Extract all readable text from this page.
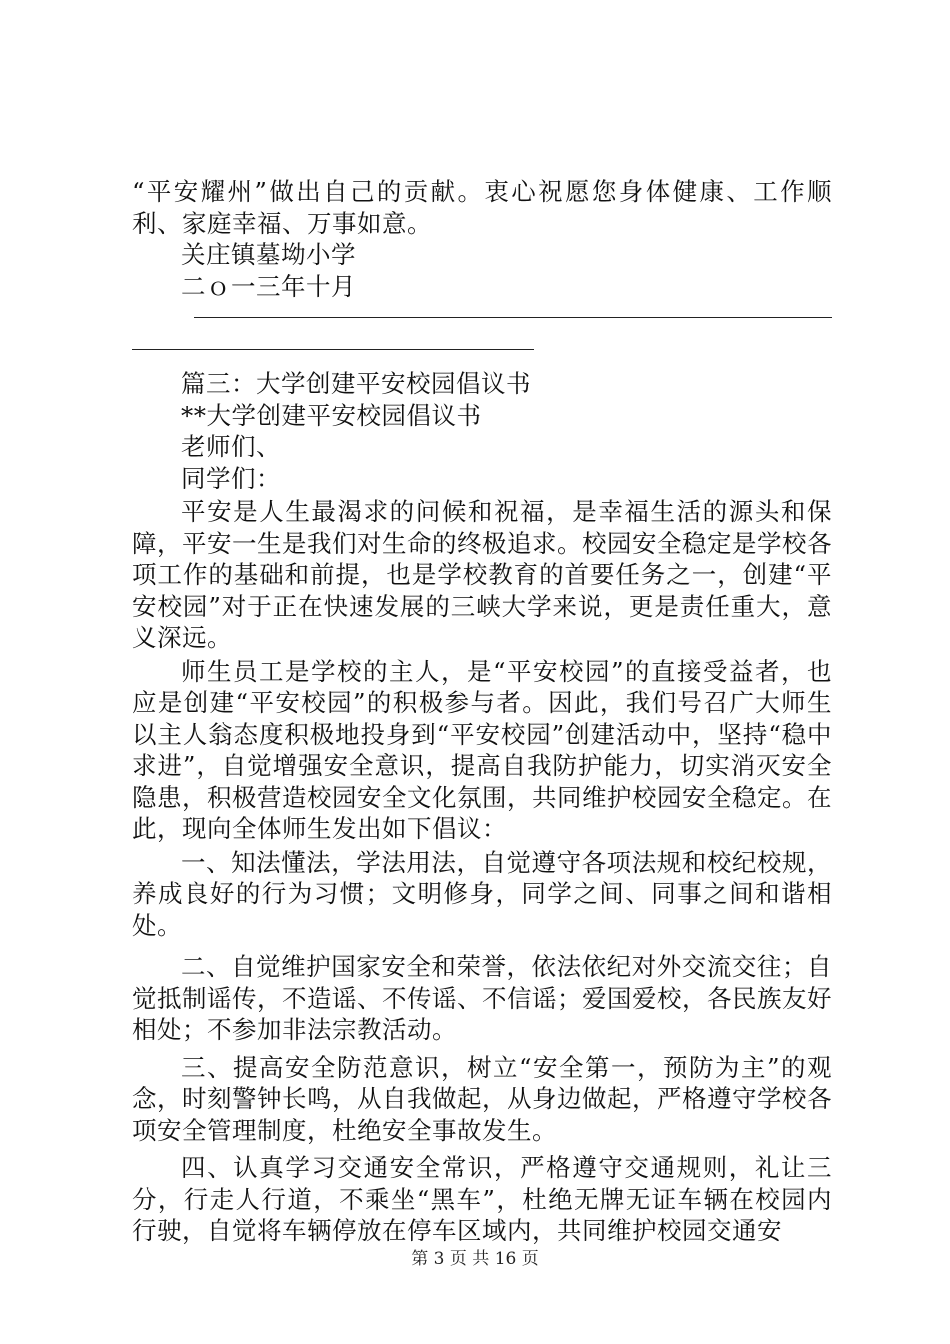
“平安耀州”做出自己的贡献。衷心祝愿您身体健康、工作顺利、家庭幸福、万事如意。

关庄镇墓坳小学

二ｏ一三年十月

篇三：大学创建平安校园倡议书

**大学创建平安校园倡议书

老师们、

同学们：

平安是人生最渴求的问候和祝福，是幸福生活的源头和保障，平安一生是我们对生命的终极追求。校园安全稳定是学校各项工作的基础和前提，也是学校教育的首要任务之一，创建“平安校园”对于正在快速发展的三峡大学来说，更是责任重大，意义深远。

师生员工是学校的主人，是“平安校园”的直接受益者，也应是创建“平安校园”的积极参与者。因此，我们号召广大师生以主人翁态度积极地投身到“平安校园”创建活动中，坚持“稳中求进”，自觉增强安全意识，提高自我防护能力，切实消灭安全隐患，积极营造校园安全文化氛围，共同维护校园安全稳定。在此，现向全体师生发出如下倡议：

一、知法懂法，学法用法，自觉遵守各项法规和校纪校规，养成良好的行为习惯；文明修身，同学之间、同事之间和谐相处。

二、自觉维护国家安全和荣誉，依法依纪对外交流交往；自觉抵制谣传，不造谣、不传谣、不信谣；爱国爱校，各民族友好相处；不参加非法宗教活动。

三、提高安全防范意识，树立“安全第一，预防为主”的观念，时刻警钟长鸣，从自我做起，从身边做起，严格遵守学校各项安全管理制度，杜绝安全事故发生。

四、认真学习交通安全常识，严格遵守交通规则，礼让三分，行走人行道，不乘坐“黑车”，杜绝无牌无证车辆在校园内行驶，自觉将车辆停放在停车区域内，共同维护校园交通安

第 3 页 共 16 页
